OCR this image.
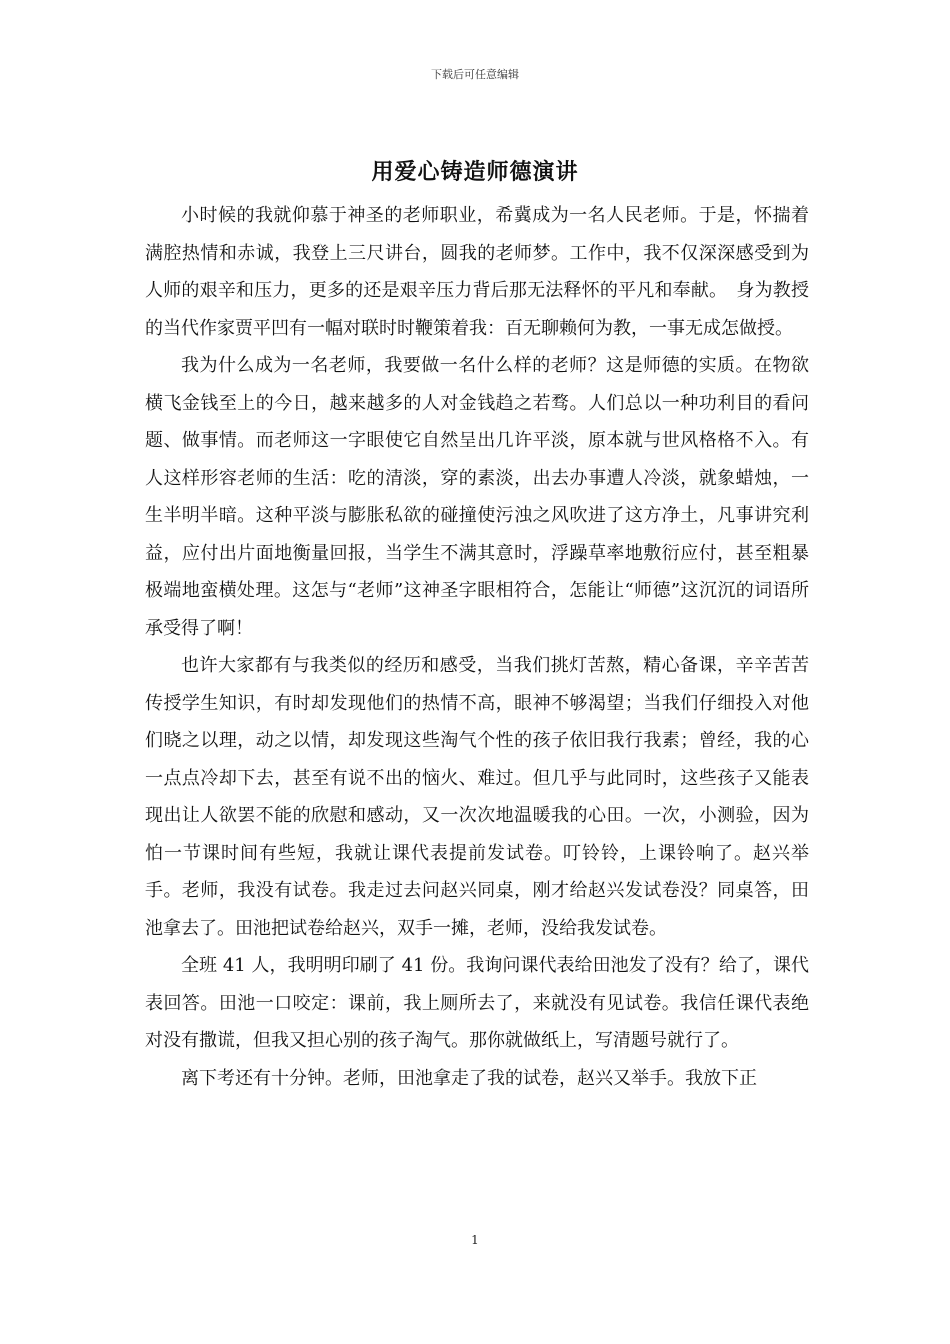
下载后可任意编辑
用爱心铸造师德演讲

小时候的我就仰慕于神圣的老师职业，希冀成为一名人民老师。于是，怀揣着满腔热情和赤诚，我登上三尺讲台，圆我的老师梦。工作中，我不仅深深感受到为人师的艰辛和压力，更多的还是艰辛压力背后那无法释怀的平凡和奉献。　身为教授的当代作家贾平凹有一幅对联时时鞭策着我：百无聊赖何为教，一事无成怎做授。

我为什么成为一名老师，我要做一名什么样的老师？这是师德的实质。在物欲横飞金钱至上的今日，越来越多的人对金钱趋之若骛。人们总以一种功利目的看问题、做事情。而老师这一字眼使它自然呈出几许平淡，原本就与世风格格不入。有人这样形容老师的生活：吃的清淡，穿的素淡，出去办事遭人冷淡，就象蜡烛，一生半明半暗。这种平淡与膨胀私欲的碰撞使污浊之风吹进了这方净土，凡事讲究利益，应付出片面地衡量回报，当学生不满其意时，浮躁草率地敷衍应付，甚至粗暴极端地蛮横处理。这怎与“老师”这神圣字眼相符合，怎能让“师德”这沉沉的词语所承受得了啊！

也许大家都有与我类似的经历和感受，当我们挑灯苦熬，精心备课，辛辛苦苦传授学生知识，有时却发现他们的热情不高，眼神不够渴望；当我们仔细投入对他们晓之以理，动之以情，却发现这些淘气个性的孩子依旧我行我素；曾经，我的心一点点冷却下去，甚至有说不出的恼火、难过。但几乎与此同时，这些孩子又能表现出让人欲罢不能的欣慰和感动，又一次次地温暖我的心田。一次，小测验，因为怕一节课时间有些短，我就让课代表提前发试卷。叮铃铃，上课铃响了。赵兴举手。老师，我没有试卷。我走过去问赵兴同桌，刚才给赵兴发试卷没？同桌答，田池拿去了。田池把试卷给赵兴，双手一摊，老师，没给我发试卷。

全班 41 人，我明明印刷了 41 份。我询问课代表给田池发了没有？给了，课代表回答。田池一口咬定：课前，我上厕所去了，来就没有见试卷。我信任课代表绝对没有撒谎，但我又担心别的孩子淘气。那你就做纸上，写清题号就行了。

离下考还有十分钟。老师，田池拿走了我的试卷，赵兴又举手。我放下正

1
